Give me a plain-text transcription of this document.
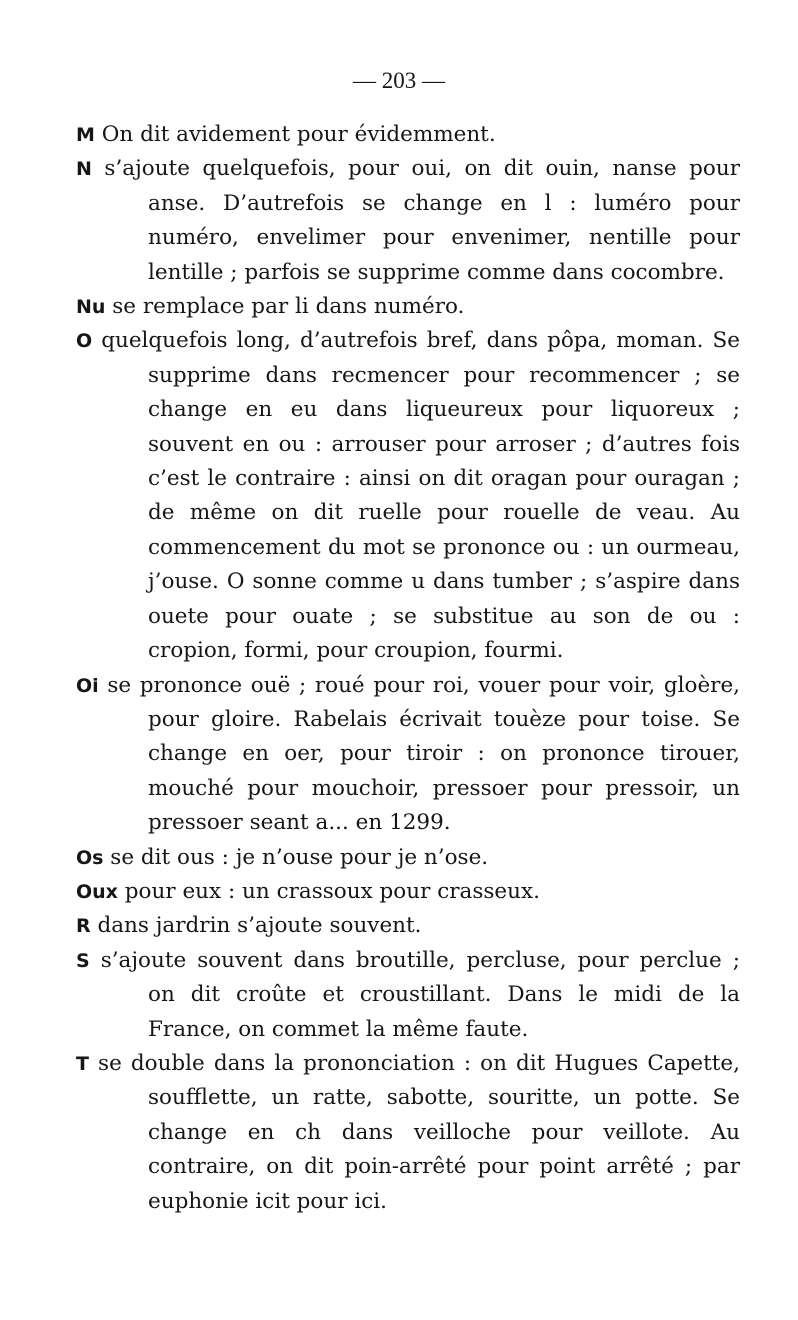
— 203 —

M On dit avidement pour évidemment.

N s’ajoute quelquefois, pour oui, on dit ouin, nanse pour anse. D’autrefois se change en l : luméro pour numéro, envelimer pour envenimer, nentille pour lentille ; parfois se supprime comme dans cocombre.

Nu se remplace par li dans numéro.

O quelquefois long, d’autrefois bref, dans pôpa, moman. Se supprime dans recmencer pour recommencer ; se change en eu dans liqueureux pour liquoreux ; souvent en ou : arrouser pour arroser ; d’autres fois c’est le contraire : ainsi on dit oragan pour ouragan ; de même on dit ruelle pour rouelle de veau. Au commencement du mot se prononce ou : un ourmeau, j’ouse. O sonne comme u dans tumber ; s’aspire dans ouete pour ouate ; se substitue au son de ou : cropion, formi, pour croupion, fourmi.

Oi se prononce ouë ; roué pour roi, vouer pour voir, gloère, pour gloire. Rabelais écrivait touèze pour toise. Se change en oer, pour tiroir : on prononce tirouer, mouché pour mouchoir, pressoer pour pressoir, un pressoer seant a... en 1299.

Os se dit ous : je n’ouse pour je n’ose.

Oux pour eux : un crassoux pour crasseux.

R dans jardrin s’ajoute souvent.

S s’ajoute souvent dans broutille, percluse, pour perclue ; on dit croûte et croustillant. Dans le midi de la France, on commet la même faute.

T se double dans la prononciation : on dit Hugues Capette, soufflette, un ratte, sabotte, souritte, un potte. Se change en ch dans veilloche pour veillote. Au contraire, on dit poin-arrêté pour point arrêté ; par euphonie icit pour ici.
